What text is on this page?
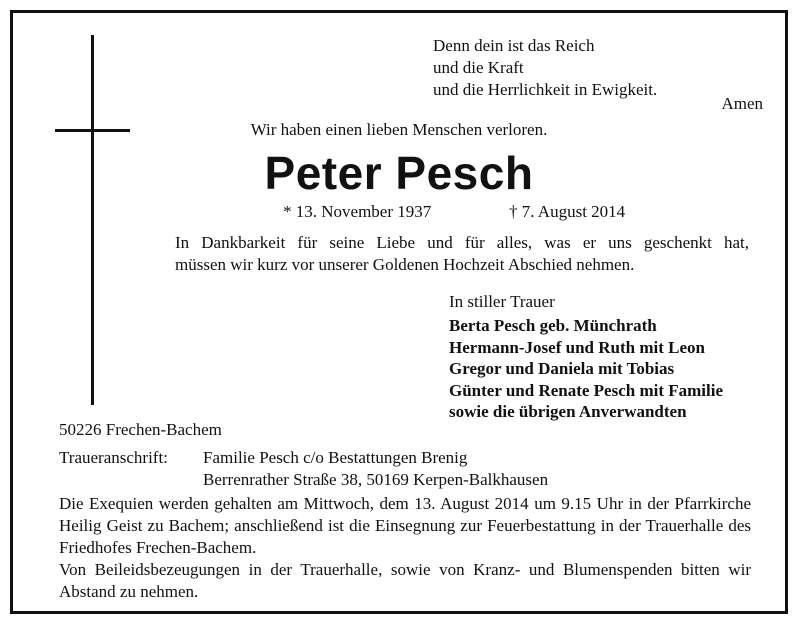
Denn dein ist das Reich
und die Kraft
und die Herrlichkeit in Ewigkeit.
Amen
Wir haben einen lieben Menschen verloren.
Peter Pesch
* 13. November 1937	† 7. August 2014
In Dankbarkeit für seine Liebe und für alles, was er uns geschenkt hat,
müssen wir kurz vor unserer Goldenen Hochzeit Abschied nehmen.
In stiller Trauer
Berta Pesch geb. Münchrath
Hermann-Josef und Ruth mit Leon
Gregor und Daniela mit Tobias
Günter und Renate Pesch mit Familie
sowie die übrigen Anverwandten
50226 Frechen-Bachem
Traueranschrift: Familie Pesch c/o Bestattungen Brenig
Berrenrather Straße 38, 50169 Kerpen-Balkhausen
Die Exequien werden gehalten am Mittwoch, dem 13. August 2014 um 9.15 Uhr in der Pfarrkirche Heilig Geist zu Bachem; anschließend ist die Einsegnung zur Feuerbestattung in der Trauerhalle des Friedhofes Frechen-Bachem.
Von Beileidsbezeugungen in der Trauerhalle, sowie von Kranz- und Blumenspenden bitten wir Abstand zu nehmen.
